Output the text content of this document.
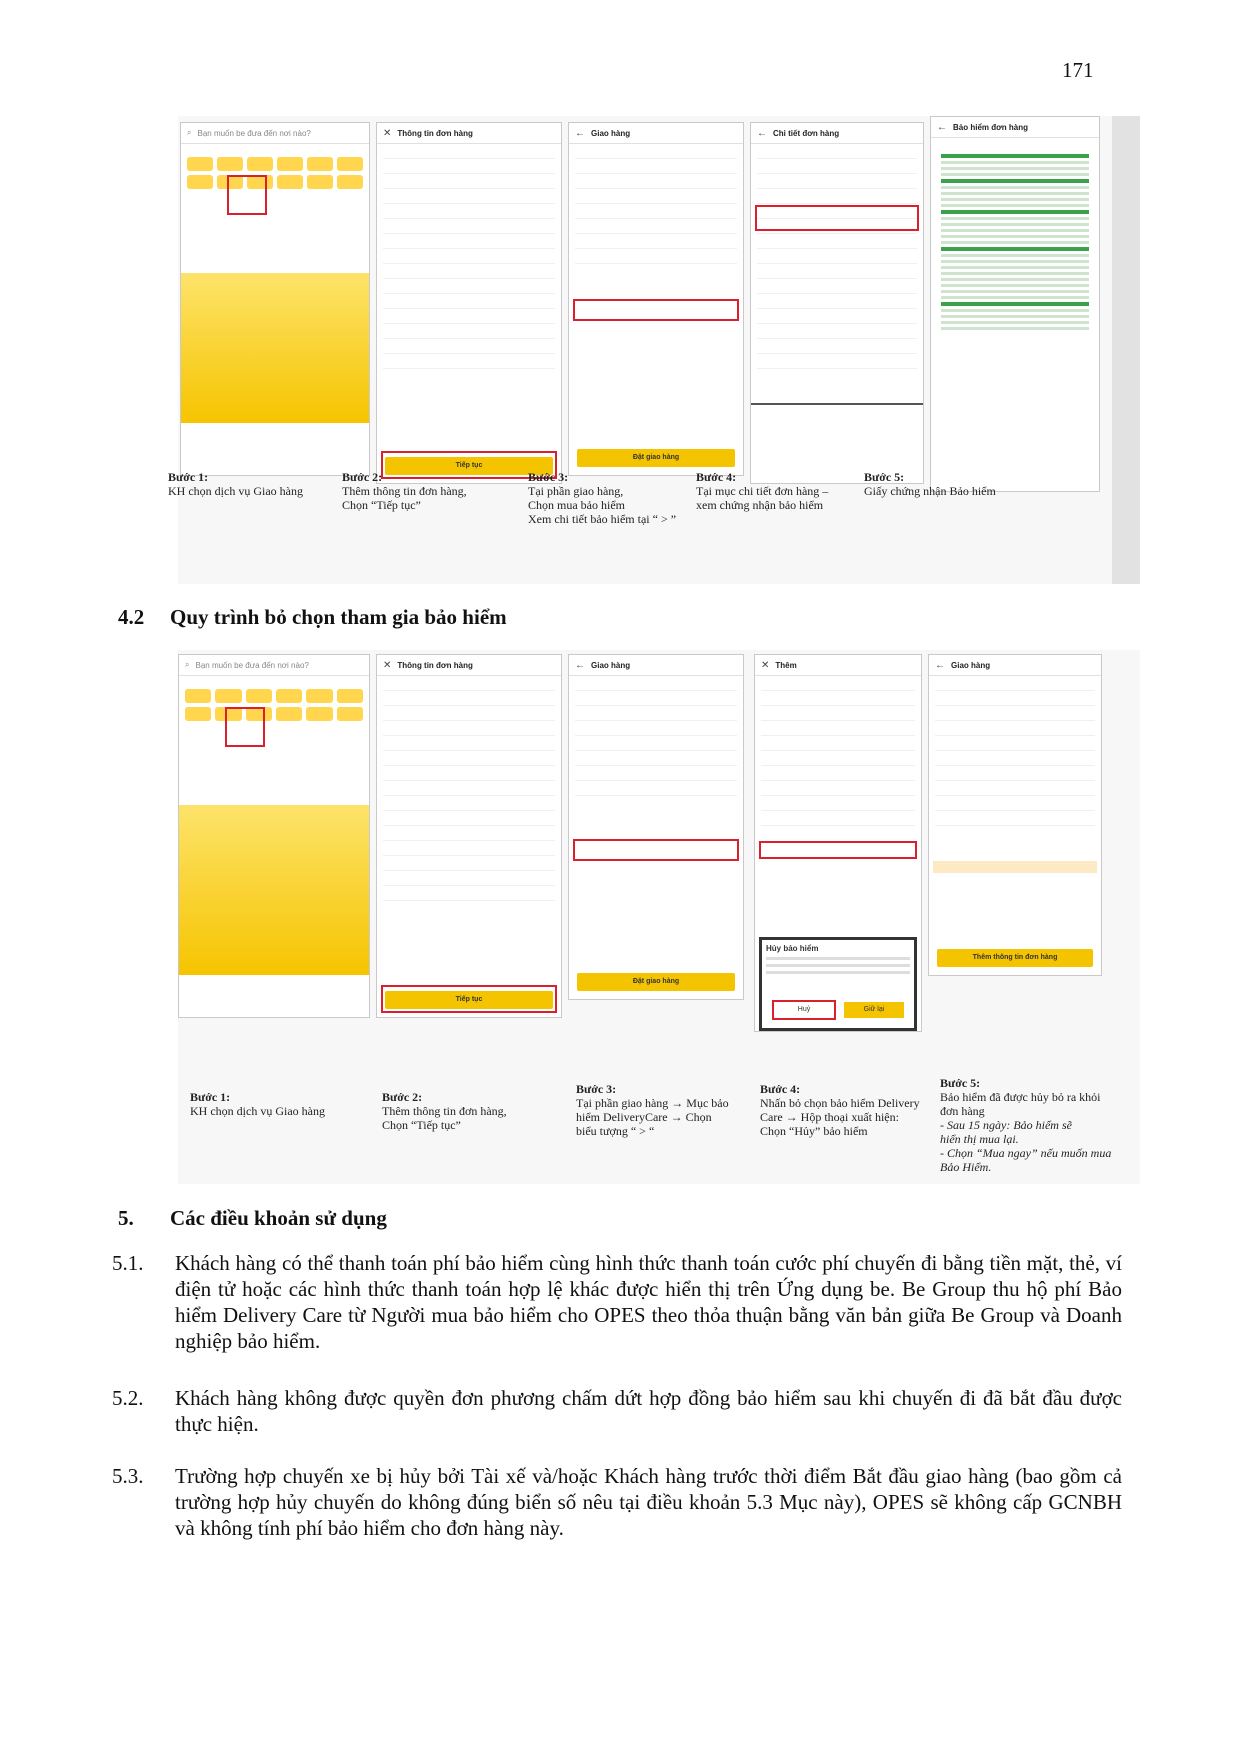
171
⌕ Bạn muốn be đưa đến nơi nào?	✕ Thông tin đơn hàng
Tiếp tục
← Giao hàng
Đặt giao hàng
← Chi tiết đơn hàng
← Bảo hiểm đơn hàng
Bước 1:
KH chọn dịch vụ Giao hàng
Bước 2:
Thêm thông tin đơn hàng,
Chọn “Tiếp tục”
Bước 3:
Tại phần giao hàng,
Chọn mua bảo hiểm
Xem chi tiết bảo hiểm tại “ > ”
Bước 4:
Tại mục chi tiết đơn hàng –
xem chứng nhận bảo hiểm
Bước 5:
Giấy chứng nhận Bảo hiểm
4.2 Quy trình bỏ chọn tham gia bảo hiểm
⌕ Bạn muốn be đưa đến nơi nào?	✕ Thông tin đơn hàng
Tiếp tục
← Giao hàng
Đặt giao hàng
✕ Thêm
Hủy bảo hiểm
Huỷ	Giữ lại
← Giao hàng
Thêm thông tin đơn hàng
Bước 1:
KH chọn dịch vụ Giao hàng
Bước 2:
Thêm thông tin đơn hàng,
Chọn “Tiếp tục”
Bước 3:
Tại phần giao hàng → Mục bảo
hiểm DeliveryCare → Chọn
biểu tượng “ > “
Bước 4:
Nhấn bỏ chọn bảo hiểm Delivery
Care → Hộp thoại xuất hiện:
Chọn “Hủy” bảo hiểm
Bước 5:
Bảo hiểm đã được hủy bỏ ra khỏi
đơn hàng
- Sau 15 ngày: Bảo hiểm sẽ
hiển thị mua lại.
- Chọn “Mua ngay” nếu muốn mua
Bảo Hiểm.
5. Các điều khoản sử dụng
5.1. Khách hàng có thể thanh toán phí bảo hiểm cùng hình thức thanh toán cước phí chuyến đi bằng tiền mặt, thẻ, ví điện tử hoặc các hình thức thanh toán hợp lệ khác được hiển thị trên Ứng dụng be. Be Group thu hộ phí Bảo hiểm Delivery Care từ Người mua bảo hiểm cho OPES theo thỏa thuận bằng văn bản giữa Be Group và Doanh nghiệp bảo hiểm.
5.2. Khách hàng không được quyền đơn phương chấm dứt hợp đồng bảo hiểm sau khi chuyến đi đã bắt đầu được thực hiện.
5.3. Trường hợp chuyến xe bị hủy bởi Tài xế và/hoặc Khách hàng trước thời điểm Bắt đầu giao hàng (bao gồm cả trường hợp hủy chuyến do không đúng biển số nêu tại điều khoản 5.3 Mục này), OPES sẽ không cấp GCNBH và không tính phí bảo hiểm cho đơn hàng này.
